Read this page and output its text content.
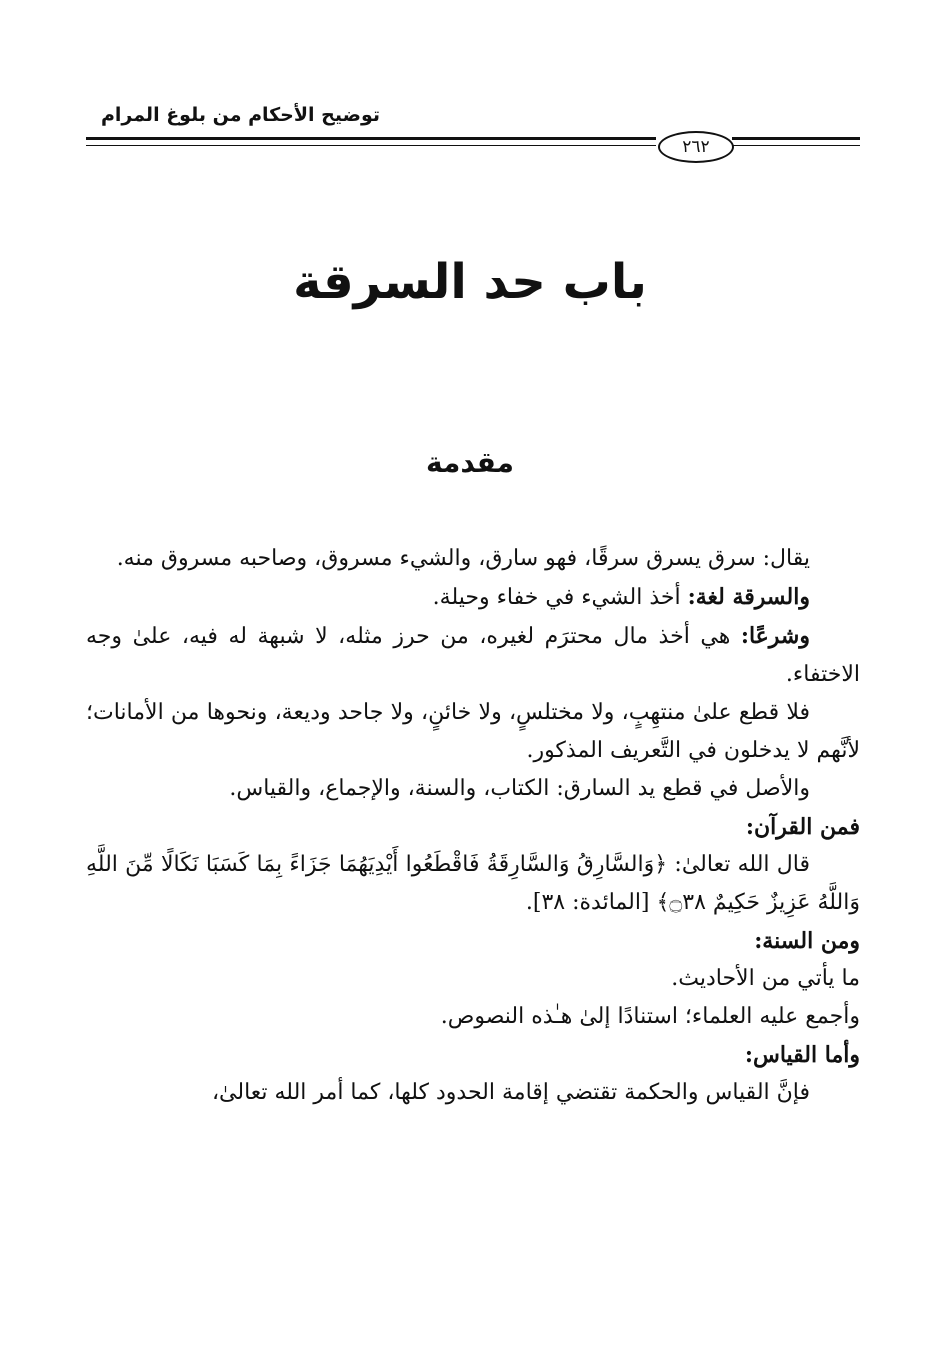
توضيح الأحكام من بلوغ المرام
٢٦٢
باب حد السرقة
مقدمة

يقال: سرق يسرق سرقًا، فهو سارق، والشيء مسروق، وصاحبه مسروق منه.

والسرقة لغة: أخذ الشيء في خفاء وحيلة.

وشرعًا: هي أخذ مال محترَم لغيره، من حرز مثله، لا شبهة له فيه، علىٰ وجه الاختفاء.

فلا قطع علىٰ منتهِبٍ، ولا مختلسٍ، ولا خائنٍ، ولا جاحد وديعة، ونحوها من الأمانات؛ لأنَّهم لا يدخلون في التَّعريف المذكور.

والأصل في قطع يد السارق: الكتاب، والسنة، والإجماع، والقياس.

فمن القرآن:

قال الله تعالىٰ: ﴿وَالسَّارِقُ وَالسَّارِقَةُ فَاقْطَعُوا أَيْدِيَهُمَا جَزَاءً بِمَا كَسَبَا نَكَالًا مِّنَ اللَّهِ وَاللَّهُ عَزِيزٌ حَكِيمٌ ۝٣٨﴾ [المائدة: ٣٨].

ومن السنة:

ما يأتي من الأحاديث.

وأجمع عليه العلماء؛ استنادًا إلىٰ هـٰذه النصوص.

وأما القياس:

فإنَّ القياس والحكمة تقتضي إقامة الحدود كلها، كما أمر الله تعالىٰ،
